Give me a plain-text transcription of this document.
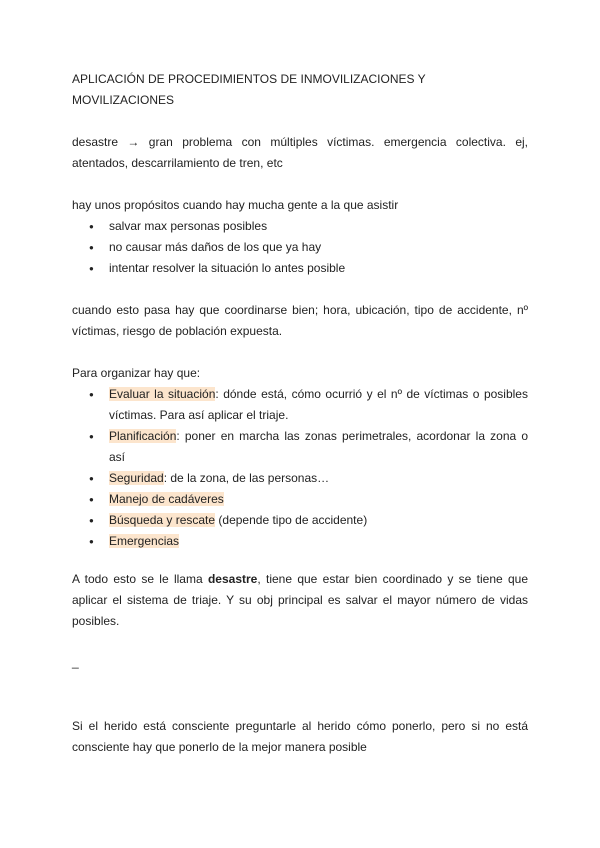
APLICACIÓN DE PROCEDIMIENTOS DE INMOVILIZACIONES Y MOVILIZACIONES
desastre → gran problema con múltiples víctimas. emergencia colectiva. ej, atentados, descarrilamiento de tren, etc
hay unos propósitos cuando hay mucha gente a la que asistir
● salvar max personas posibles
● no causar más daños de los que ya hay
● intentar resolver la situación lo antes posible
cuando esto pasa hay que coordinarse bien; hora, ubicación, tipo de accidente, nº víctimas, riesgo de población expuesta.
Para organizar hay que:
● Evaluar la situación: dónde está, cómo ocurrió y el nº de víctimas o posibles víctimas. Para así aplicar el triaje.
● Planificación: poner en marcha las zonas perimetrales, acordonar la zona o así
● Seguridad: de la zona, de las personas…
● Manejo de cadáveres
● Búsqueda y rescate (depende tipo de accidente)
● Emergencias
A todo esto se le llama desastre, tiene que estar bien coordinado y se tiene que aplicar el sistema de triaje. Y su obj principal es salvar el mayor número de vidas posibles.
_
Si el herido está consciente preguntarle al herido cómo ponerlo, pero si no está consciente hay que ponerlo de la mejor manera posible
